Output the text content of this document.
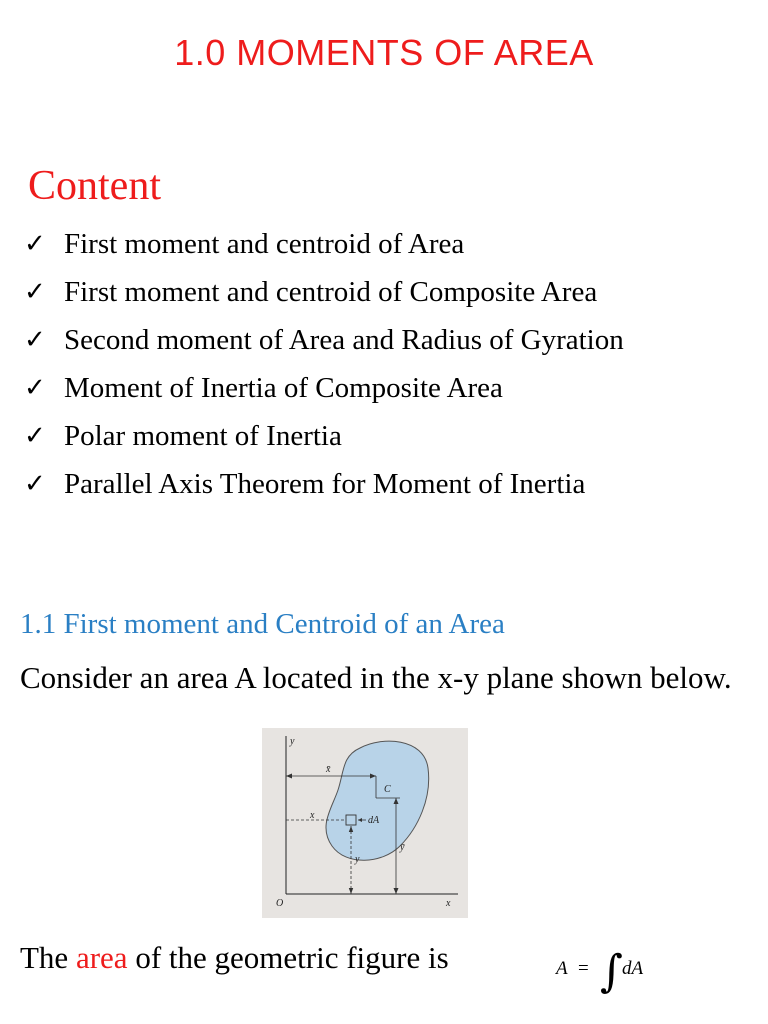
1.0 MOMENTS OF AREA
Content
✓ First moment and centroid of Area
✓ First moment and centroid of Composite Area
✓ Second moment of Area and Radius of Gyration
✓ Moment of Inertia of Composite Area
✓ Polar moment of Inertia
✓ Parallel Axis Theorem for Moment of Inertia
1.1 First moment and Centroid of an Area
Consider an area A located in the x-y plane shown below.
y
x
O
x̄
C
x	dA
y
ȳ
The area of the geometric figure is	A = ∫ dA
